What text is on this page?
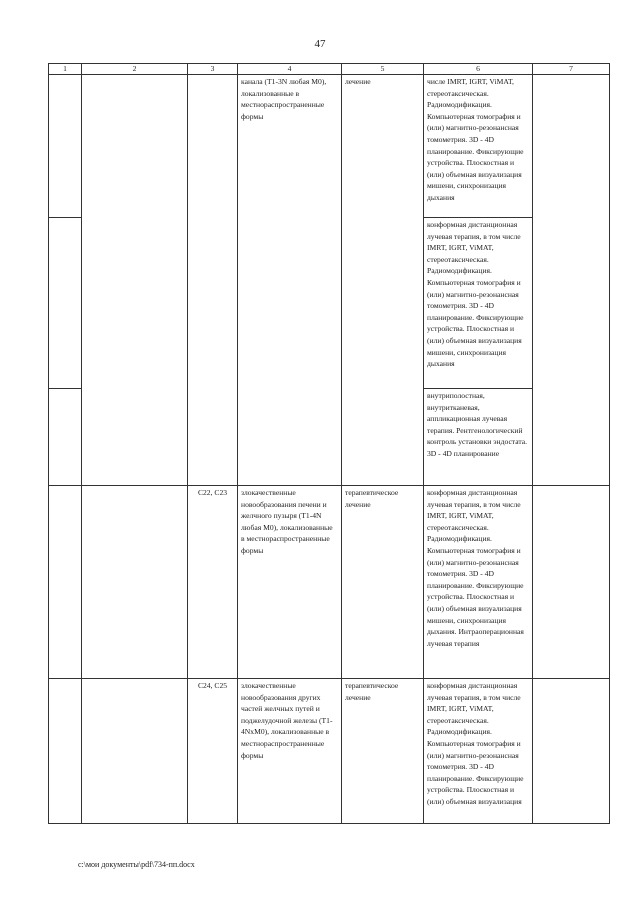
47
1	2	3	4	5	6	7
			канала (T1-3N любая M0), локализованные в местнораспространенные формы	лечение	числе IMRT, IGRT, ViMAT, стереотаксическая. Радиомодификация. Компьютерная томография и (или) магнитно-резонансная томометрия. 3D - 4D планирование. Фиксирующие устройства. Плоскостная и (или) объемная визуализация мишени, синхронизация дыхания	
					конформная дистанционная лучевая терапия, в том числе IMRT, IGRT, ViMAT, стереотаксическая. Радиомодификация. Компьютерная томография и (или) магнитно-резонансная томометрия. 3D - 4D планирование. Фиксирующие устройства. Плоскостная и (или) объемная визуализация мишени, синхронизация дыхания	
					внутриполостная, внутритканевая, аппликационная лучевая терапия. Рентгенологический контроль установки эндостата. 3D - 4D планирование	
		C22, C23	злокачественные новообразования печени и желчного пузыря (T1-4N любая M0), локализованные в местнораспространенные формы	терапевтическое лечение	конформная дистанционная лучевая терапия, в том числе IMRT, IGRT, ViMAT, стереотаксическая. Радиомодификация. Компьютерная томография и (или) магнитно-резонансная томометрия. 3D - 4D планирование. Фиксирующие устройства. Плоскостная и (или) объемная визуализация мишени, синхронизация дыхания. Интраоперационная лучевая терапия	
		C24, C25	злокачественные новообразования других частей желчных путей и поджелудочной железы (T1-4NxM0), локализованные в местнораспространенные формы	терапевтическое лечение	конформная дистанционная лучевая терапия, в том числе IMRT, IGRT, ViMAT, стереотаксическая. Радиомодификация. Компьютерная томография и (или) магнитно-резонансная томометрия. 3D - 4D планирование. Фиксирующие устройства. Плоскостная и (или) объемная визуализация	
c:\мои документы\pdf\734-пп.docx
